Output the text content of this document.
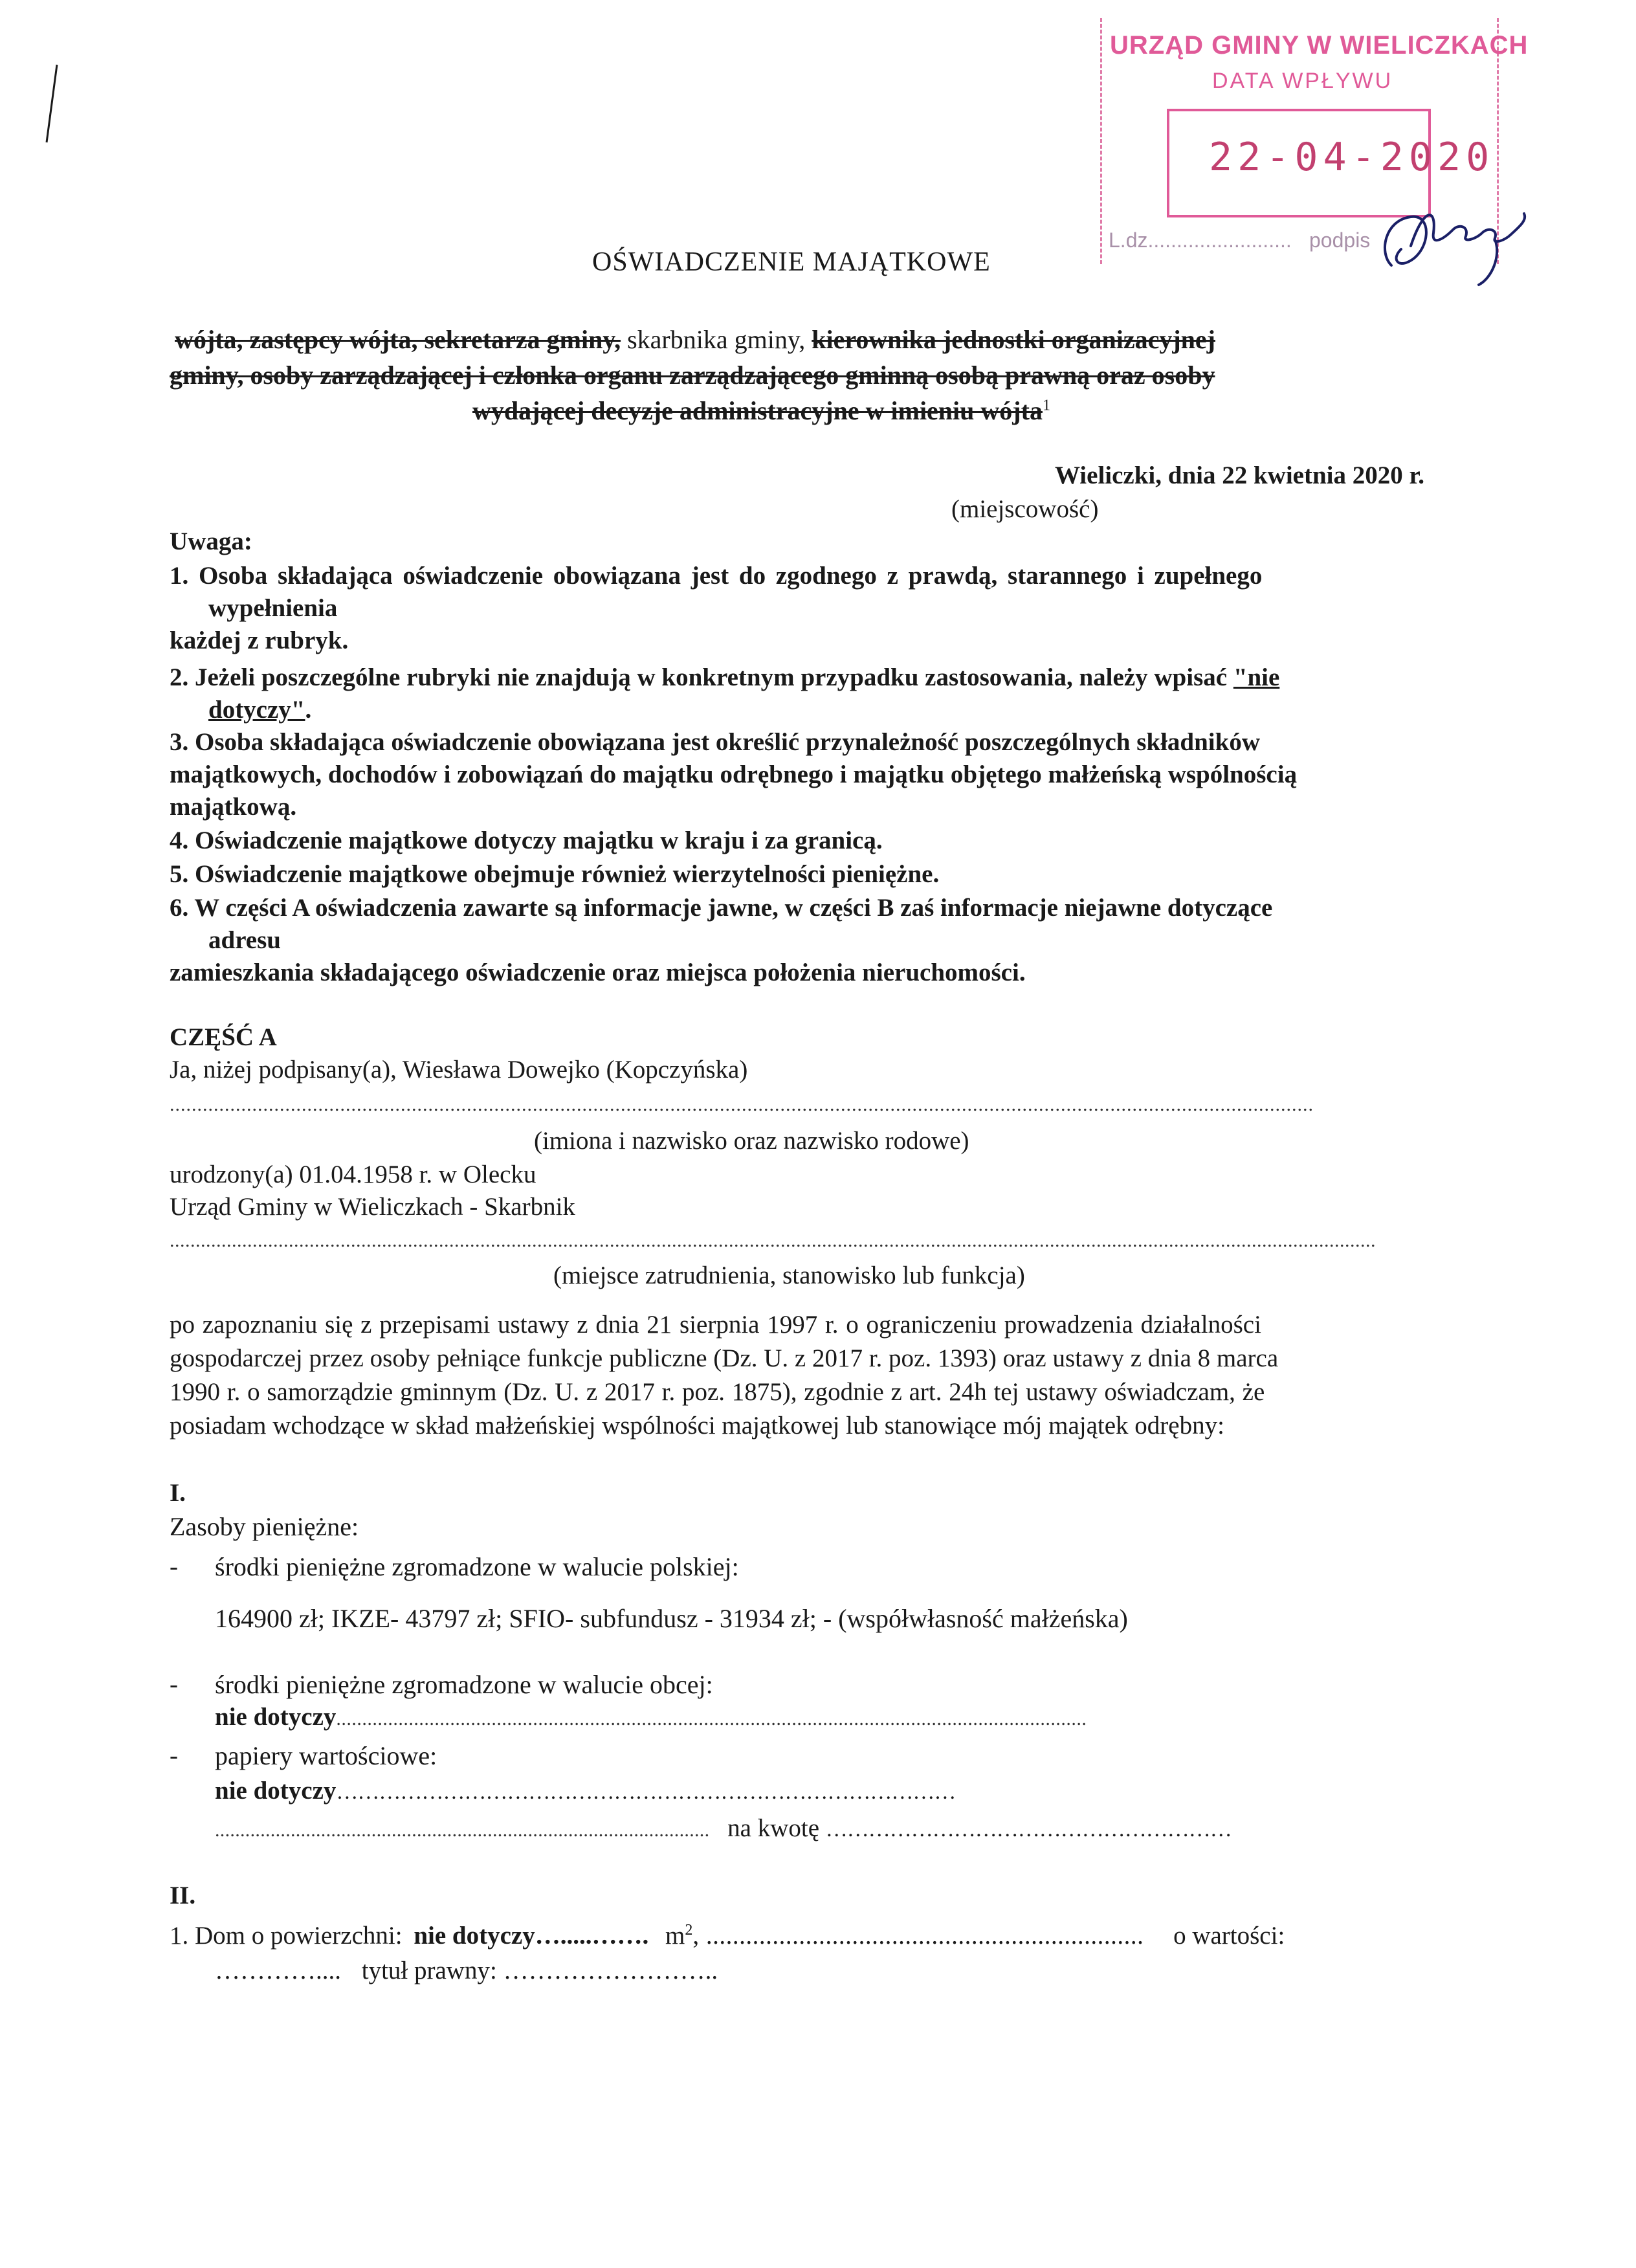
URZĄD GMINY W WIELICZKACH
DATA WPŁYWU
22-04-2020
L.dz......................... podpis
OŚWIADCZENIE MAJĄTKOWE
wójta, zastępcy wójta, sekretarza gminy, skarbnika gminy, kierownika jednostki organizacyjnej
gminy, osoby zarządzającej i członka organu zarządzającego gminną osobą prawną oraz osoby
wydającej decyzje administracyjne w imieniu wójta$^1$
Wieliczki, dnia 22 kwietnia 2020 r.
(miejscowość)
Uwaga:
1. Osoba składająca oświadczenie obowiązana jest do zgodnego z prawdą, starannego i zupełnego
wypełnienia
każdej z rubryk.
2. Jeżeli poszczególne rubryki nie znajdują w konkretnym przypadku zastosowania, należy wpisać "nie
dotyczy".
3. Osoba składająca oświadczenie obowiązana jest określić przynależność poszczególnych składników
majątkowych, dochodów i zobowiązań do majątku odrębnego i majątku objętego małżeńską wspólnością
majątkową.
4. Oświadczenie majątkowe dotyczy majątku w kraju i za granicą.
5. Oświadczenie majątkowe obejmuje również wierzytelności pieniężne.
6. W części A oświadczenia zawarte są informacje jawne, w części B zaś informacje niejawne dotyczące
adresu
zamieszkania składającego oświadczenie oraz miejsca położenia nieruchomości.
CZĘŚĆ A
Ja, niżej podpisany(a), Wiesława Dowejko (Kopczyńska)
................................................................................................................................................................................................................
(imiona i nazwisko oraz nazwisko rodowe)
urodzony(a) 01.04.1958 r. w Olecku
Urząd Gminy w Wieliczkach - Skarbnik
.........................................................................................................................................................................................................................................
(miejsce zatrudnienia, stanowisko lub funkcja)
po zapoznaniu się z przepisami ustawy z dnia 21 sierpnia 1997 r. o ograniczeniu prowadzenia działalności
gospodarczej przez osoby pełniące funkcje publiczne (Dz. U. z 2017 r. poz. 1393) oraz ustawy z dnia 8 marca
1990 r. o samorządzie gminnym (Dz. U. z 2017 r. poz. 1875), zgodnie z art. 24h tej ustawy oświadczam, że
posiadam wchodzące w skład małżeńskiej wspólności majątkowej lub stanowiące mój majątek odrębny:
I.
Zasoby pieniężne:
- środki pieniężne zgromadzone w walucie polskiej:
164900 zł; IKZE- 43797 zł; SFIO- subfundusz - 31934 zł; - (współwłasność małżeńska)
- środki pieniężne zgromadzone w walucie obcej:
nie dotyczy.................................................................................................................................................
- papiery wartościowe:
nie dotyczy……………………………………………………………………………
.................................................................................................. na kwotę …………………………………………………
II.
1. Dom o powierzchni: nie dotyczy….....……. $m^2$, .................................................................. o wartości:
………….... tytuł prawny: ……………………..
